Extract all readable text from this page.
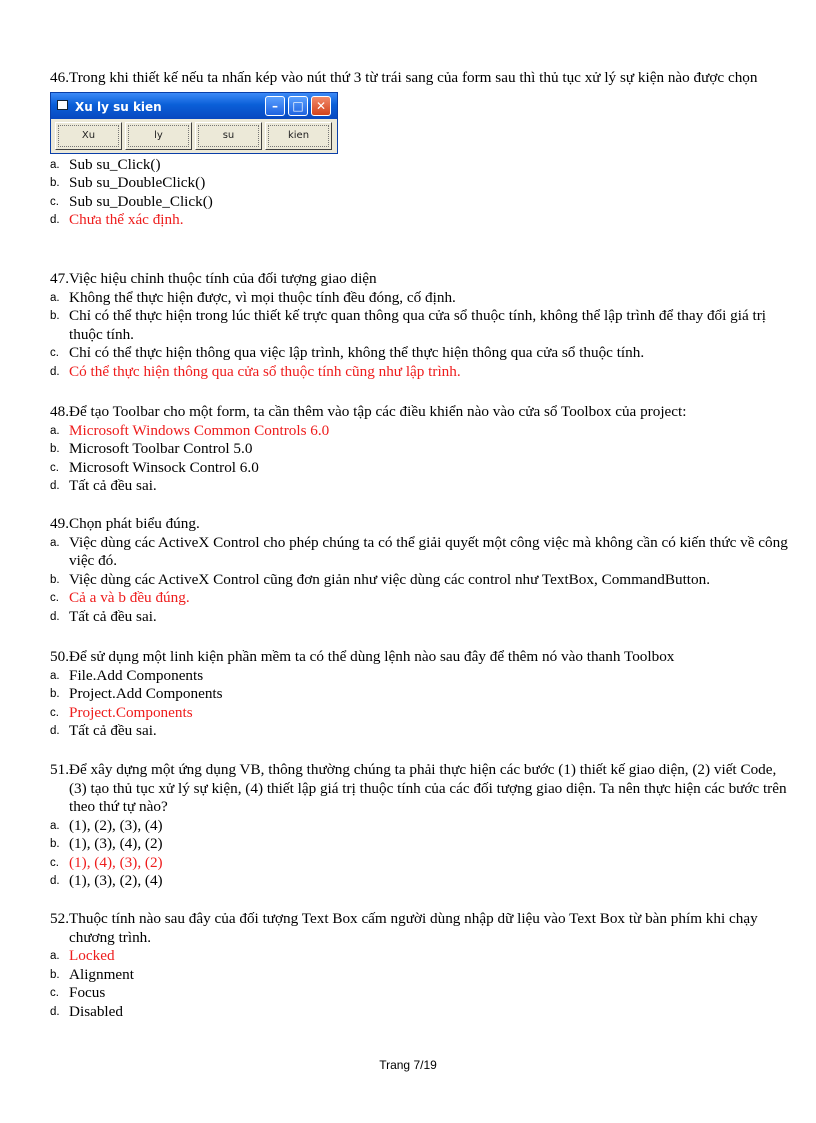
46. Trong khi thiết kế nếu ta nhấn kép vào nút thứ 3 từ trái sang của form sau thì thủ tục xử lý sự kiện nào được chọn
Xu ly su kien	–	□	✕
Xu	ly	su	kien
a. Sub su_Click()
b. Sub su_DoubleClick()
c. Sub su_Double_Click()
d. Chưa thể xác định.
47. Việc hiệu chỉnh thuộc tính của đối tượng giao diện
a. Không thể thực hiện được, vì mọi thuộc tính đều đóng, cố định.
b. Chỉ có thể thực hiện trong lúc thiết kế trực quan thông qua cửa sổ thuộc tính, không thể lập trình để thay đổi giá trị thuộc tính.
c. Chỉ có thể thực hiện thông qua việc lập trình, không thể thực hiện thông qua cửa sổ thuộc tính.
d. Có thể thực hiện thông qua cửa sổ thuộc tính cũng như lập trình.
48. Để tạo Toolbar cho một form, ta cần thêm vào tập các điều khiển nào vào cửa sổ Toolbox của project:
a. Microsoft Windows Common Controls 6.0
b. Microsoft Toolbar Control 5.0
c. Microsoft Winsock Control 6.0
d. Tất cả đều sai.
49. Chọn phát biểu đúng.
a. Việc dùng các ActiveX Control cho phép chúng ta có thể giải quyết một công việc mà không cần có kiến thức về công việc đó.
b. Việc dùng các ActiveX Control cũng đơn giản như việc dùng các control như TextBox, CommandButton.
c. Cả a và b đều đúng.
d. Tất cả đều sai.
50. Để sử dụng một linh kiện phần mềm ta có thể dùng lệnh nào sau đây để thêm nó vào thanh Toolbox
a. File.Add Components
b. Project.Add Components
c. Project.Components
d. Tất cả đều sai.
51. Để xây dựng một ứng dụng VB, thông thường chúng ta phải thực hiện các bước (1) thiết kế giao diện, (2) viết Code, (3) tạo thủ tục xử lý sự kiện, (4) thiết lập giá trị thuộc tính của các đối tượng giao diện. Ta nên thực hiện các bước trên theo thứ tự nào?
a. (1), (2), (3), (4)
b. (1), (3), (4), (2)
c. (1), (4), (3), (2)
d. (1), (3), (2), (4)
52. Thuộc tính nào sau đây của đối tượng Text Box cấm người dùng nhập dữ liệu vào Text Box từ bàn phím khi chạy chương trình.
a. Locked
b. Alignment
c. Focus
d. Disabled
Trang 7/19
